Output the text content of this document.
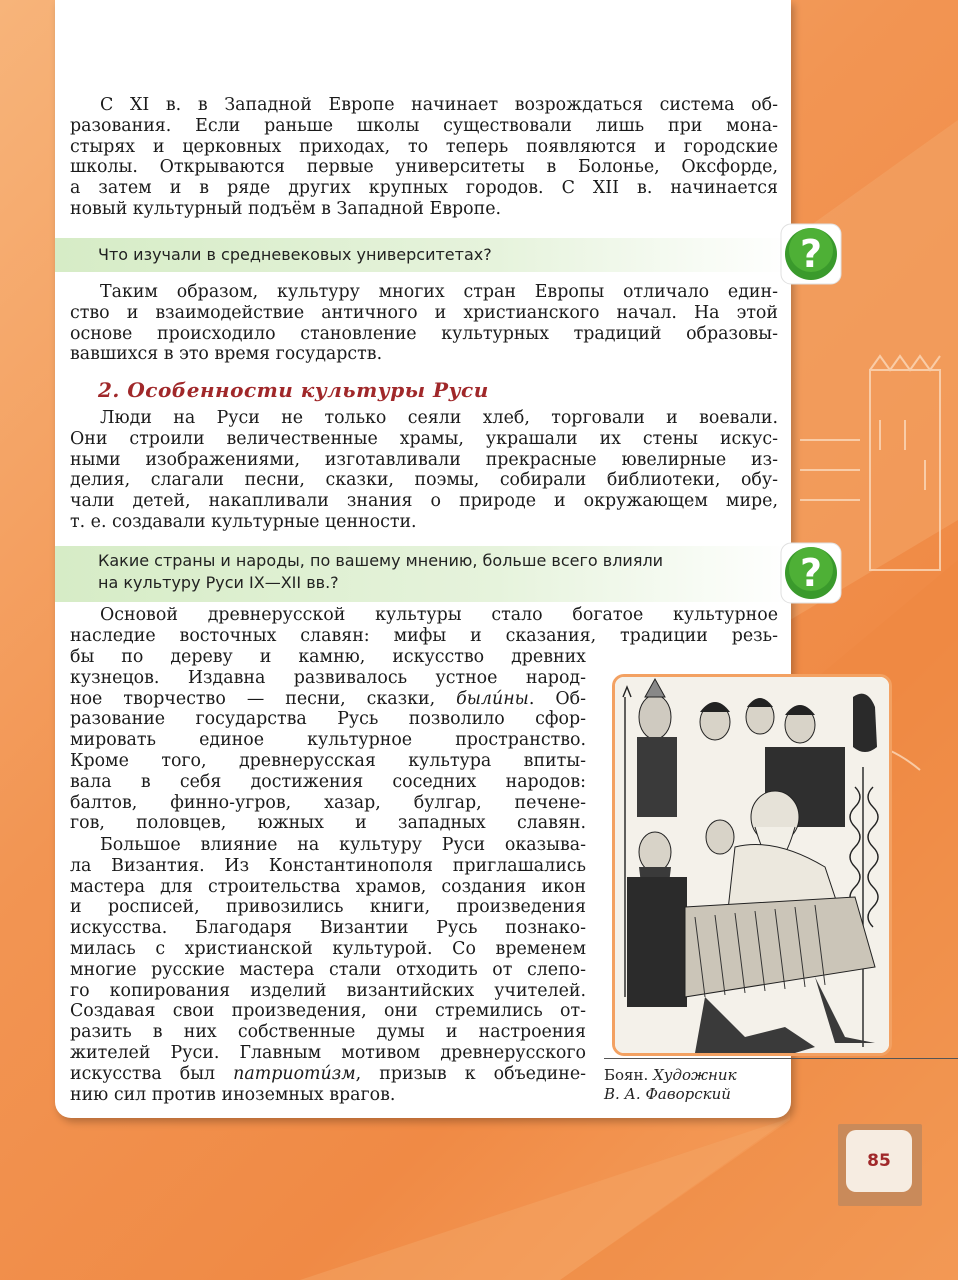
С XI в. в Западной Европе начинает возрождаться система об-
разования. Если раньше школы существовали лишь при мона-
стырях и церковных приходах, то теперь появляются и городские
школы. Открываются первые университеты в Болонье, Оксфорде,
а затем и в ряде других крупных городов. С XII в. начинается
новый культурный подъём в Западной Европе.

Что изучали в средневековых университетах?	?

Таким образом, культуру многих стран Европы отличало един-
ство и взаимодействие античного и христианского начал. На этой
основе происходило становление культурных традиций образовы-
вавшихся в это время государств.

2. Особенности культуры Руси

Люди на Руси не только сеяли хлеб, торговали и воевали.
Они строили величественные храмы, украшали их стены искус-
ными изображениями, изготавливали прекрасные ювелирные из-
делия, слагали песни, сказки, поэмы, собирали библиотеки, обу-
чали детей, накапливали знания о природе и окружающем мире,
т. е. создавали культурные ценности.

Какие страны и народы, по вашему мнению, больше всего влияли
на культуру Руси IX—XII вв.?	?

Основой древнерусской культуры стало богатое культурное
наследие восточных славян: мифы и сказания, традиции резь-

бы по дереву и камню, искусство древних
кузнецов. Издавна развивалось устное народ-
ное творчество — песни, сказки, былúны. Об-
разование государства Русь позволило сфор-
мировать единое культурное пространство.
Кроме того, древнерусская культура впиты-
вала в себя достижения соседних народов:
балтов, финно-угров, хазар, булгар, печене-
гов, половцев, южных и западных славян.

Большое влияние на культуру Руси оказыва-
ла Византия. Из Константинополя приглашались
мастера для строительства храмов, создания икон
и росписей, привозились книги, произведения
искусства. Благодаря Византии Русь познако-
милась с христианской культурой. Со временем
многие русские мастера стали отходить от слепо-
го копирования изделий византийских учителей.
Создавая свои произведения, они стремились от-
разить в них собственные думы и настроения
жителей Руси. Главным мотивом древнерусского
искусства был патриотúзм, призыв к объедине-
нию сил против иноземных врагов.

Боян. Художник
В. А. Фаворский
85
